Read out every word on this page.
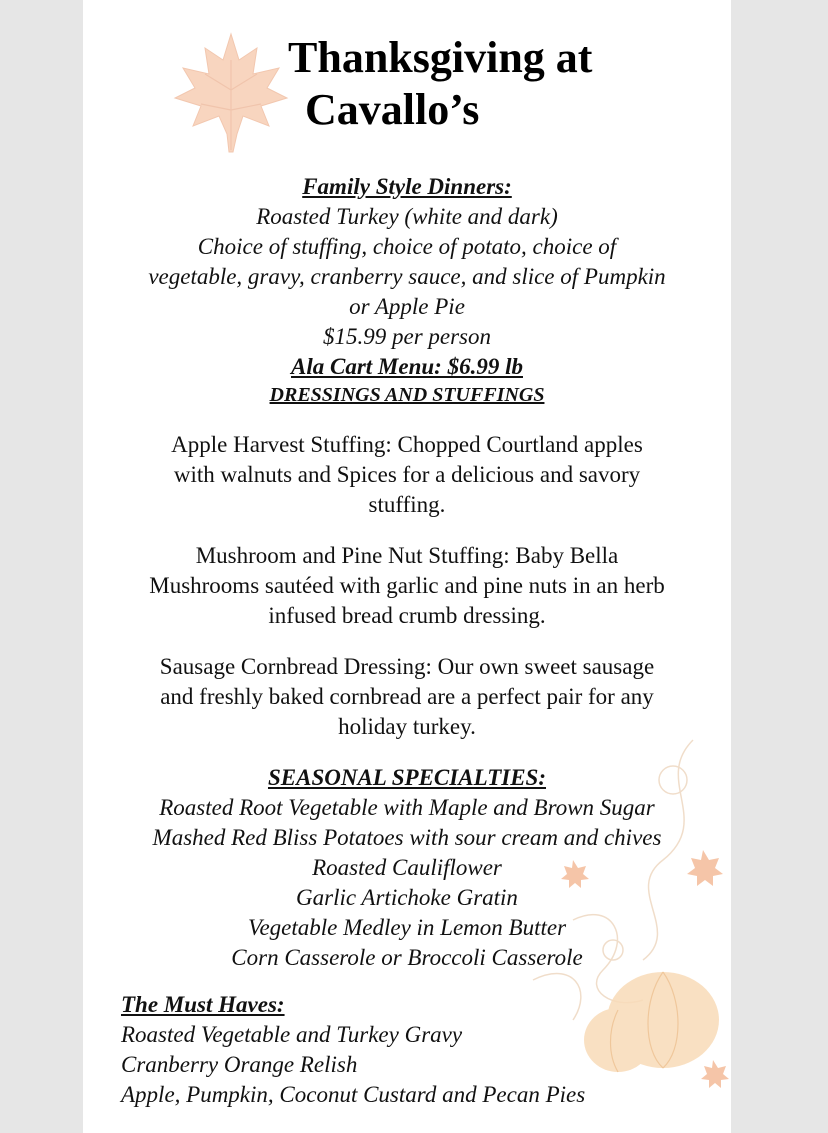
Thanksgiving at
Cavallo’s

Family Style Dinners:

Roasted Turkey (white and dark)

Choice of stuffing, choice of potato, choice of

vegetable, gravy, cranberry sauce, and slice of Pumpkin

or Apple Pie

$15.99 per person

Ala Cart Menu: $6.99 lb

DRESSINGS AND STUFFINGS

Apple Harvest Stuffing: Chopped Courtland apples

with walnuts and Spices for a delicious and savory

stuffing.

Mushroom and Pine Nut Stuffing: Baby Bella

Mushrooms sautéed with garlic and pine nuts in an herb

infused bread crumb dressing.

Sausage Cornbread Dressing: Our own sweet sausage

and freshly baked cornbread are a perfect pair for any

holiday turkey.

SEASONAL SPECIALTIES:

Roasted Root Vegetable with Maple and Brown Sugar

Mashed Red Bliss Potatoes with sour cream and chives

Roasted Cauliflower

Garlic Artichoke Gratin

Vegetable Medley in Lemon Butter

Corn Casserole or Broccoli Casserole

The Must Haves:

Roasted Vegetable and Turkey Gravy

Cranberry Orange Relish

Apple, Pumpkin, Coconut Custard and Pecan Pies
